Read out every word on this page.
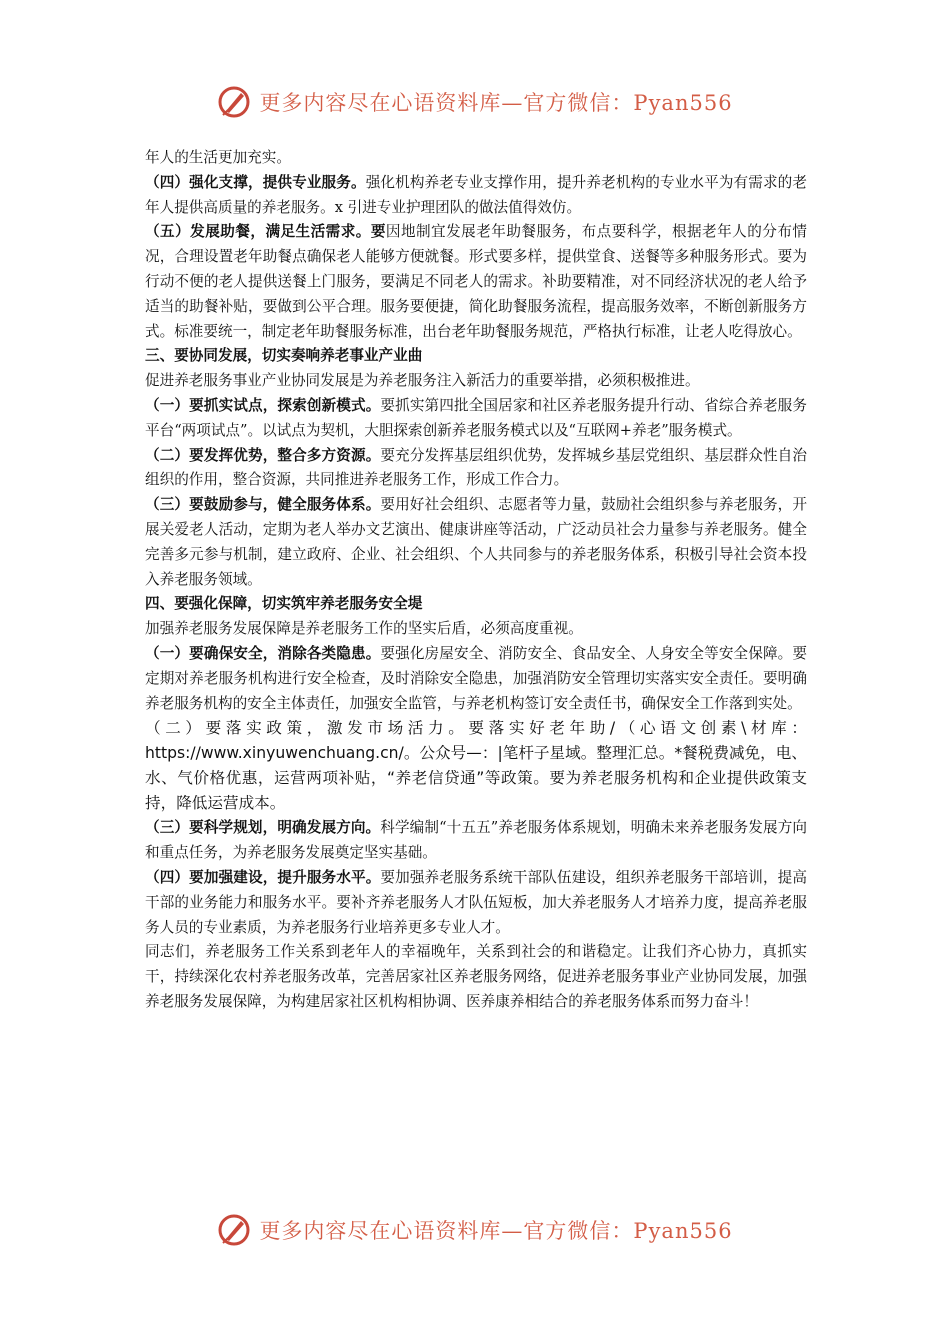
更多内容尽在心语资料库—官方微信：Pyan556

年人的生活更加充实。

（四）强化支撑，提供专业服务。强化机构养老专业支撑作用，提升养老机构的专业水平为有需求的老年人提供高质量的养老服务。x 引进专业护理团队的做法值得效仿。

（五）发展助餐，满足生活需求。要因地制宜发展老年助餐服务，布点要科学，根据老年人的分布情况，合理设置老年助餐点确保老人能够方便就餐。形式要多样，提供堂食、送餐等多种服务形式。要为行动不便的老人提供送餐上门服务，要满足不同老人的需求。补助要精准，对不同经济状况的老人给予适当的助餐补贴，要做到公平合理。服务要便捷，简化助餐服务流程，提高服务效率，不断创新服务方式。标准要统一，制定老年助餐服务标准，出台老年助餐服务规范，严格执行标准，让老人吃得放心。

三、要协同发展，切实奏响养老事业产业曲

促进养老服务事业产业协同发展是为养老服务注入新活力的重要举措，必须积极推进。

（一）要抓实试点，探索创新模式。要抓实第四批全国居家和社区养老服务提升行动、省综合养老服务平台“两项试点”。以试点为契机，大胆探索创新养老服务模式以及“互联网+养老”服务模式。

（二）要发挥优势，整合多方资源。要充分发挥基层组织优势，发挥城乡基层党组织、基层群众性自治组织的作用，整合资源，共同推进养老服务工作，形成工作合力。

（三）要鼓励参与，健全服务体系。要用好社会组织、志愿者等力量，鼓励社会组织参与养老服务，开展关爱老人活动，定期为老人举办文艺演出、健康讲座等活动，广泛动员社会力量参与养老服务。健全完善多元参与机制，建立政府、企业、社会组织、个人共同参与的养老服务体系，积极引导社会资本投入养老服务领域。

四、要强化保障，切实筑牢养老服务安全堤

加强养老服务发展保障是养老服务工作的坚实后盾，必须高度重视。

（一）要确保安全，消除各类隐患。要强化房屋安全、消防安全、食品安全、人身安全等安全保障。要定期对养老服务机构进行安全检查，及时消除安全隐患，加强消防安全管理切实落实安全责任。要明确养老服务机构的安全主体责任，加强安全监管，与养老机构签订安全责任书，确保安全工作落到实处。

（二）要落实政策，激发市场活力。要落实好老年助/（心语文创素\材库：https://www.xinyuwenchuang.cn/。公众号—：|笔杆子星域。整理汇总。*餐税费减免，电、水、气价格优惠，运营两项补贴，“养老信贷通”等政策。要为养老服务机构和企业提供政策支持，降低运营成本。

（三）要科学规划，明确发展方向。科学编制“十五五”养老服务体系规划，明确未来养老服务发展方向和重点任务，为养老服务发展奠定坚实基础。

（四）要加强建设，提升服务水平。要加强养老服务系统干部队伍建设，组织养老服务干部培训，提高干部的业务能力和服务水平。要补齐养老服务人才队伍短板，加大养老服务人才培养力度，提高养老服务人员的专业素质，为养老服务行业培养更多专业人才。

同志们，养老服务工作关系到老年人的幸福晚年，关系到社会的和谐稳定。让我们齐心协力，真抓实干，持续深化农村养老服务改革，完善居家社区养老服务网络，促进养老服务事业产业协同发展，加强养老服务发展保障，为构建居家社区机构相协调、医养康养相结合的养老服务体系而努力奋斗！

更多内容尽在心语资料库—官方微信：Pyan556
